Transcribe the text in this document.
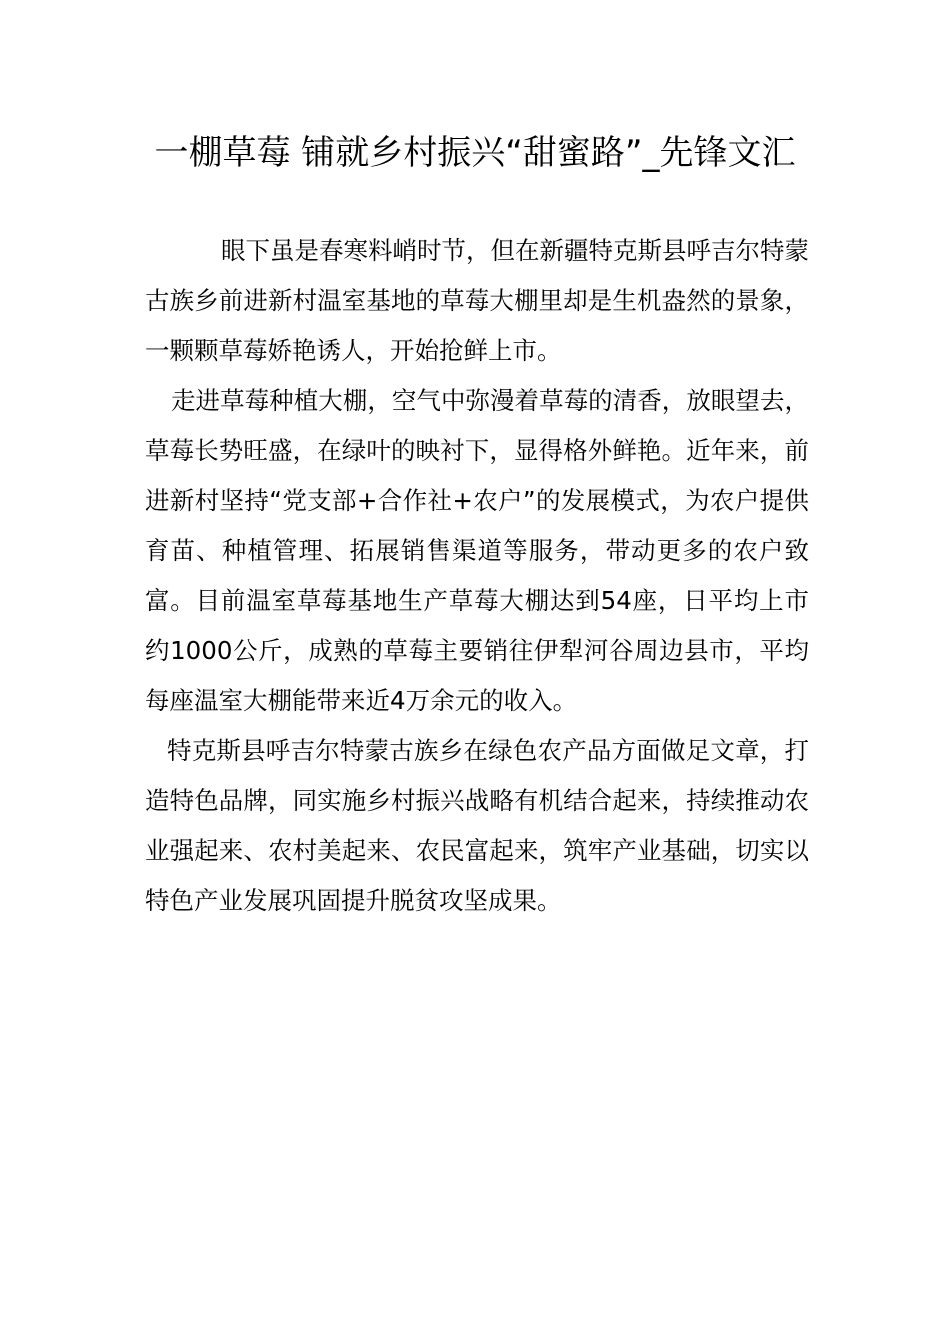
一棚草莓 铺就乡村振兴“甜蜜路”_先锋文汇

眼下虽是春寒料峭时节，但在新疆特克斯县呼吉尔特蒙古族乡前进新村温室基地的草莓大棚里却是生机盎然的景象，一颗颗草莓娇艳诱人，开始抢鲜上市。

走进草莓种植大棚，空气中弥漫着草莓的清香，放眼望去，草莓长势旺盛，在绿叶的映衬下，显得格外鲜艳。近年来，前进新村坚持“党支部+合作社+农户”的发展模式，为农户提供育苗、种植管理、拓展销售渠道等服务，带动更多的农户致富。目前温室草莓基地生产草莓大棚达到54座，日平均上市约1000公斤，成熟的草莓主要销往伊犁河谷周边县市，平均每座温室大棚能带来近4万余元的收入。

特克斯县呼吉尔特蒙古族乡在绿色农产品方面做足文章，打造特色品牌，同实施乡村振兴战略有机结合起来，持续推动农业强起来、农村美起来、农民富起来，筑牢产业基础，切实以特色产业发展巩固提升脱贫攻坚成果。
